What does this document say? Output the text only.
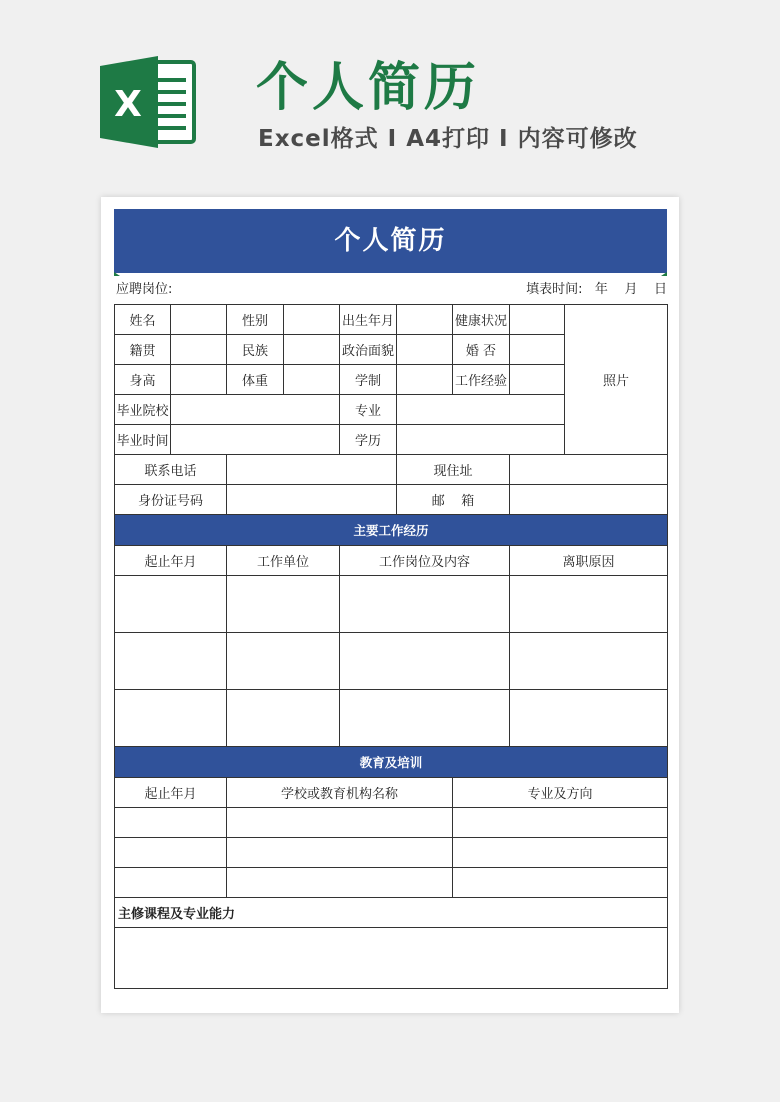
X 个人简历
Excel格式 Ⅰ A4打印 Ⅰ 内容可修改
个人简历
应聘岗位:	填表时间:   年    月    日
姓名		性别		出生年月		健康状况		照片
籍贯		民族		政治面貌		婚 否		
身高		体重		学制		工作经验		
毕业院校				专业				
毕业时间				学历				
联系电话					现住址			
身份证号码					邮    箱			
主要工作经历								
起止年月		工作单位		工作岗位及内容			离职原因	

教育及培训								
起止年月		学校或教育机构名称				专业及方向		

主修课程及专业能力								
